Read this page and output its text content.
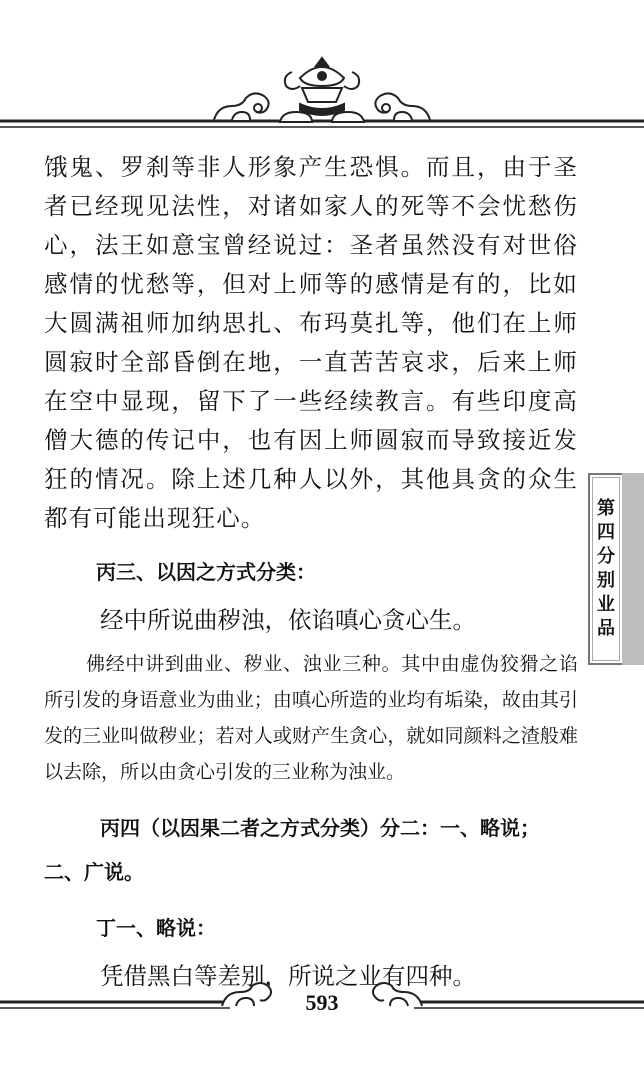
第
四
分
别
业
品

饿鬼、罗刹等非人形象产生恐惧。而且，由于圣者已经现见法性，对诸如家人的死等不会忧愁伤心，法王如意宝曾经说过：圣者虽然没有对世俗感情的忧愁等，但对上师等的感情是有的，比如大圆满祖师加纳思扎、布玛莫扎等，他们在上师圆寂时全部昏倒在地，一直苦苦哀求，后来上师在空中显现，留下了一些经续教言。有些印度高僧大德的传记中，也有因上师圆寂而导致接近发狂的情况。除上述几种人以外，其他具贪的众生都有可能出现狂心。

丙三、以因之方式分类：

经中所说曲秽浊，依谄嗔心贪心生。

佛经中讲到曲业、秽业、浊业三种。其中由虚伪狡猾之谄所引发的身语意业为曲业；由嗔心所造的业均有垢染，故由其引发的三业叫做秽业；若对人或财产生贪心，就如同颜料之渣般难以去除，所以由贪心引发的三业称为浊业。

丙四（以因果二者之方式分类）分二：一、略说；二、广说。

丁一、略说：

凭借黑白等差别，所说之业有四种。

593
